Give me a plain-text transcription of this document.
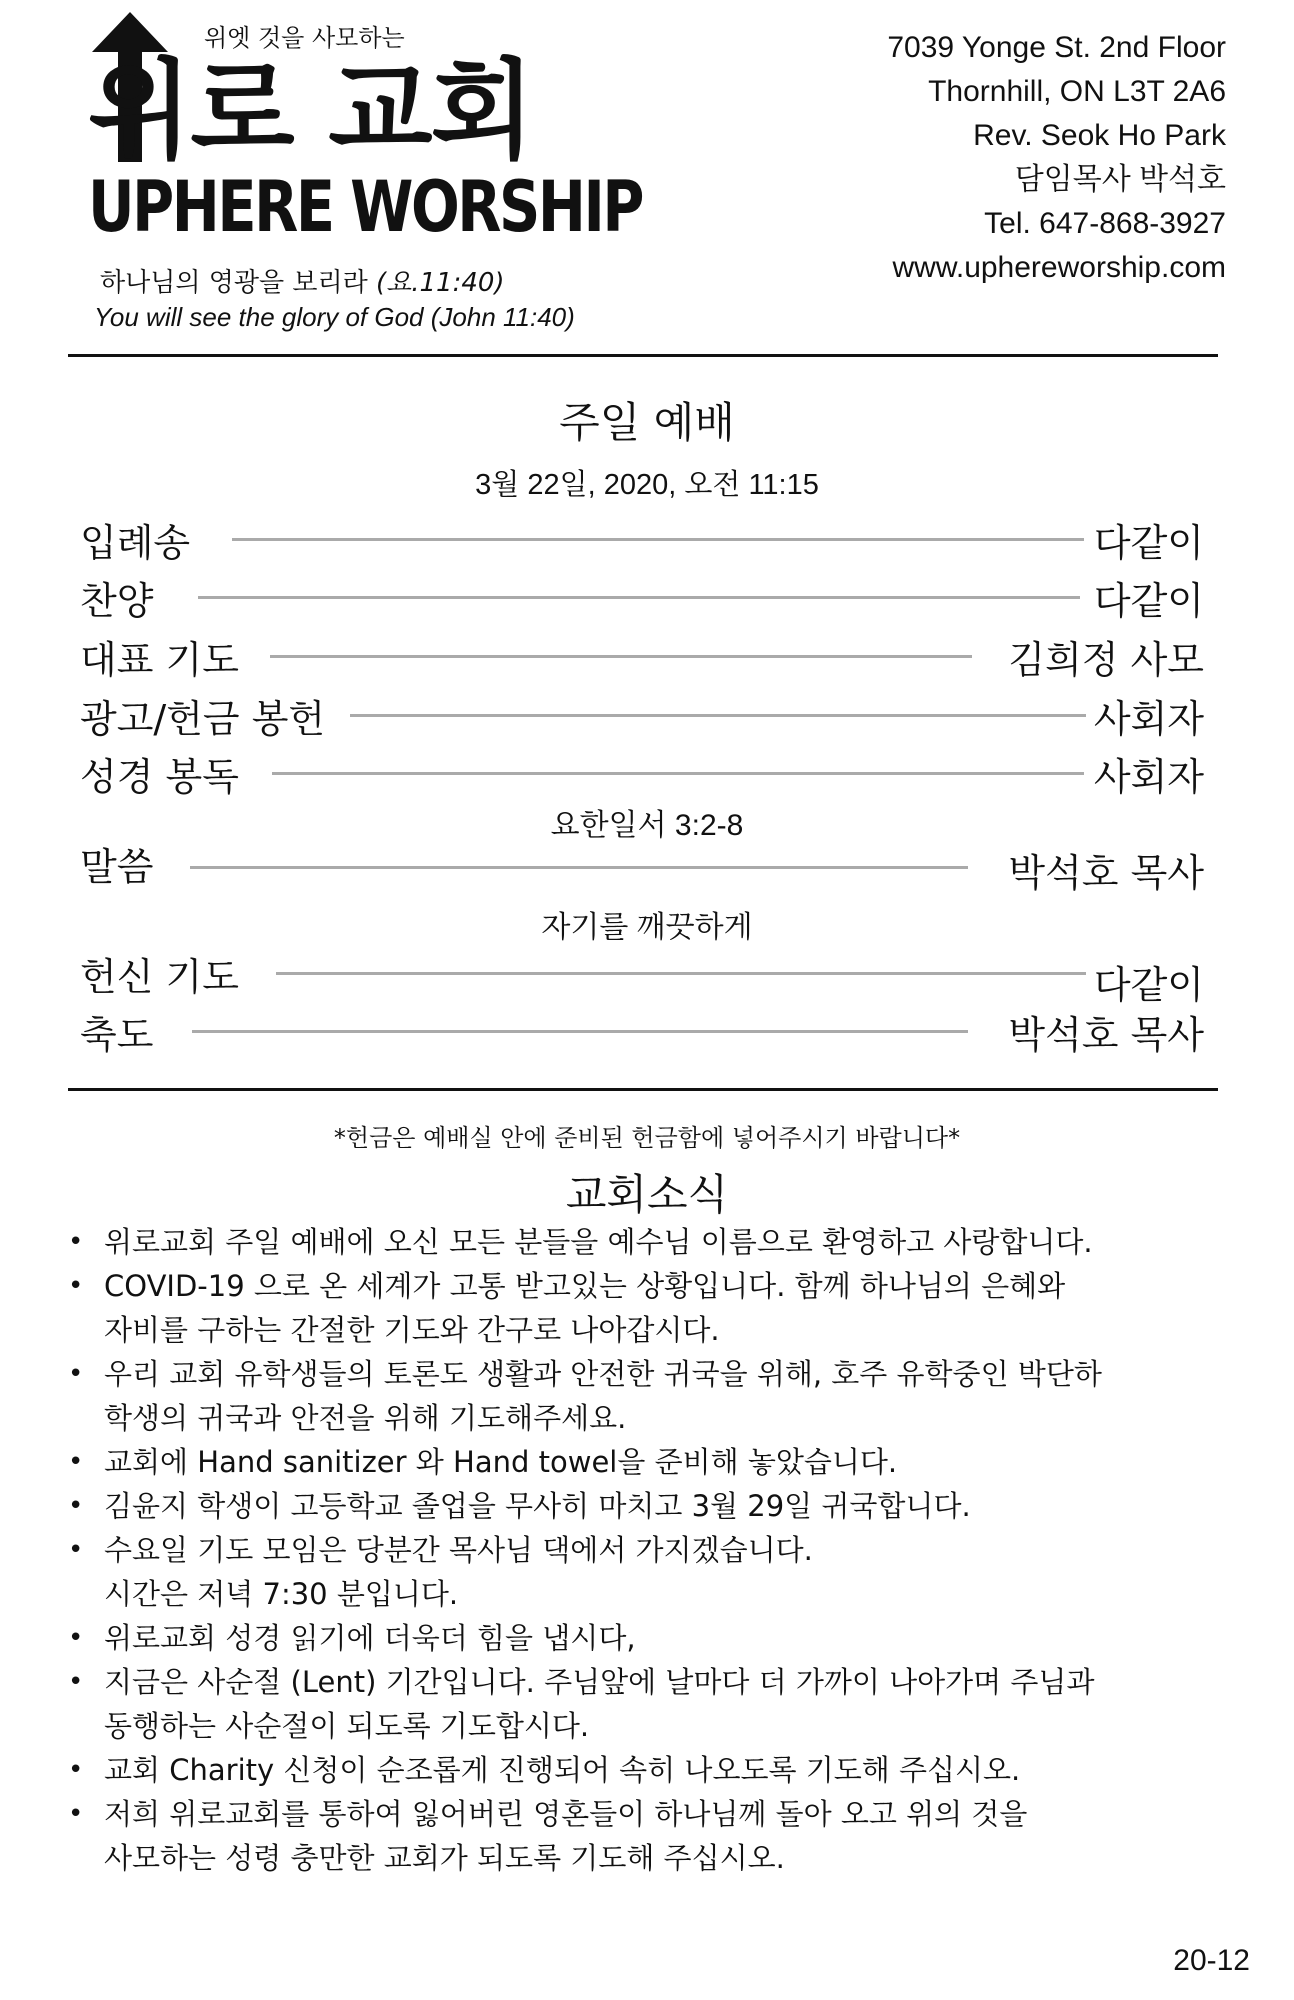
위엣 것을 사모하는
위로 교회
UPHERE WORSHIP
하나님의 영광을 보리라 (요.11:40)
You will see the glory of God (John 11:40)
7039 Yonge St. 2nd Floor
Thornhill, ON L3T 2A6
Rev. Seok Ho Park
담임목사 박석호
Tel. 647-868-3927
www.uphereworship.com
주일 예배
3월 22일, 2020, 오전 11:15
입례송	다같이
찬양	다같이
대표 기도	김희정 사모
광고/헌금 봉헌	사회자
성경 봉독	사회자
요한일서 3:2-8
말씀	박석호 목사
자기를 깨끗하게
헌신 기도	다같이
축도	박석호 목사
*헌금은 예배실 안에 준비된 헌금함에 넣어주시기 바랍니다*
교회소식
• 위로교회 주일 예배에 오신 모든 분들을 예수님 이름으로 환영하고 사랑합니다.
• COVID-19 으로 온 세계가 고통 받고있는 상황입니다. 함께 하나님의 은혜와
자비를 구하는 간절한 기도와 간구로 나아갑시다.
• 우리 교회 유학생들의 토론도 생활과 안전한 귀국을 위해, 호주 유학중인 박단하
학생의 귀국과 안전을 위해 기도해주세요.
• 교회에 Hand sanitizer 와 Hand towel을 준비해 놓았습니다.
• 김윤지 학생이 고등학교 졸업을 무사히 마치고 3월 29일 귀국합니다.
• 수요일 기도 모임은 당분간 목사님 댁에서 가지겠습니다.
시간은 저녁 7:30 분입니다.
• 위로교회 성경 읽기에 더욱더 힘을 냅시다,
• 지금은 사순절 (Lent) 기간입니다. 주님앞에 날마다 더 가까이 나아가며 주님과
동행하는 사순절이 되도록 기도합시다.
• 교회 Charity 신청이 순조롭게 진행되어 속히 나오도록 기도해 주십시오.
• 저희 위로교회를 통하여 잃어버린 영혼들이 하나님께 돌아 오고 위의 것을
사모하는 성령 충만한 교회가 되도록 기도해 주십시오.
20-12
